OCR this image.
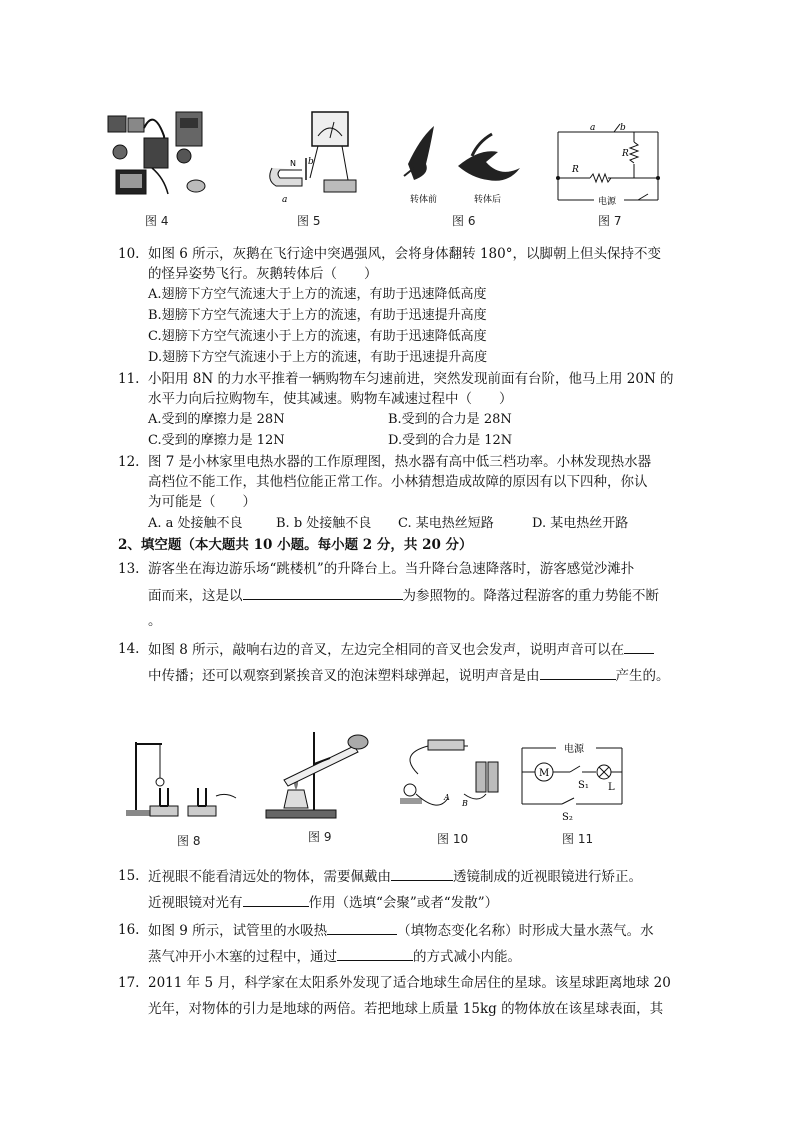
图 4
N b
a
图 5
转体前	转体后
图 6
a	b
R
R
电源
图 7
10. 如图 6 所示，灰鹅在飞行途中突遇强风，会将身体翻转 180°，以脚朝上但头保持不变
的怪异姿势飞行。灰鹅转体后（　　）
A.翅膀下方空气流速大于上方的流速，有助于迅速降低高度
B.翅膀下方空气流速大于上方的流速，有助于迅速提升高度
C.翅膀下方空气流速小于上方的流速，有助于迅速降低高度
D.翅膀下方空气流速小于上方的流速，有助于迅速提升高度
11. 小阳用 8N 的力水平推着一辆购物车匀速前进，突然发现前面有台阶，他马上用 20N 的
水平力向后拉购物车，使其减速。购物车减速过程中（　　）
A.受到的摩擦力是 28N	B.受到的合力是 28N
C.受到的摩擦力是 12N	D.受到的合力是 12N
12. 图 7 是小林家里电热水器的工作原理图，热水器有高中低三档功率。小林发现热水器
高档位不能工作，其他档位能正常工作。小林猜想造成故障的原因有以下四种，你认
为可能是（　　）
A. a 处接触不良	B. b 处接触不良 C. 某电热丝短路	D. 某电热丝开路
2、填空题（本大题共 10 小题。每小题 2 分，共 20 分）
13. 游客坐在海边游乐场“跳楼机”的升降台上。当升降台急速降落时，游客感觉沙滩扑
面而来，这是以	为参照物的。降落过程游客的重力势能不断
。
14. 如图 8 所示，敲响右边的音叉，左边完全相同的音叉也会发声，说明声音可以在
中传播；还可以观察到紧挨音叉的泡沫塑料球弹起，说明声音是由	产生的。
图 8	图 9
A
B
图 10
电源
M
S₁ L
S₂
图 11
15. 近视眼不能看清远处的物体，需要佩戴由	透镜制成的近视眼镜进行矫正。
近视眼镜对光有	作用（选填“会聚”或者“发散”）
16. 如图 9 所示，试管里的水吸热	（填物态变化名称）时形成大量水蒸气。水
蒸气冲开小木塞的过程中，通过	的方式减小内能。
17. 2011 年 5 月，科学家在太阳系外发现了适合地球生命居住的星球。该星球距离地球 20
光年，对物体的引力是地球的两倍。若把地球上质量 15kg 的物体放在该星球表面，其
